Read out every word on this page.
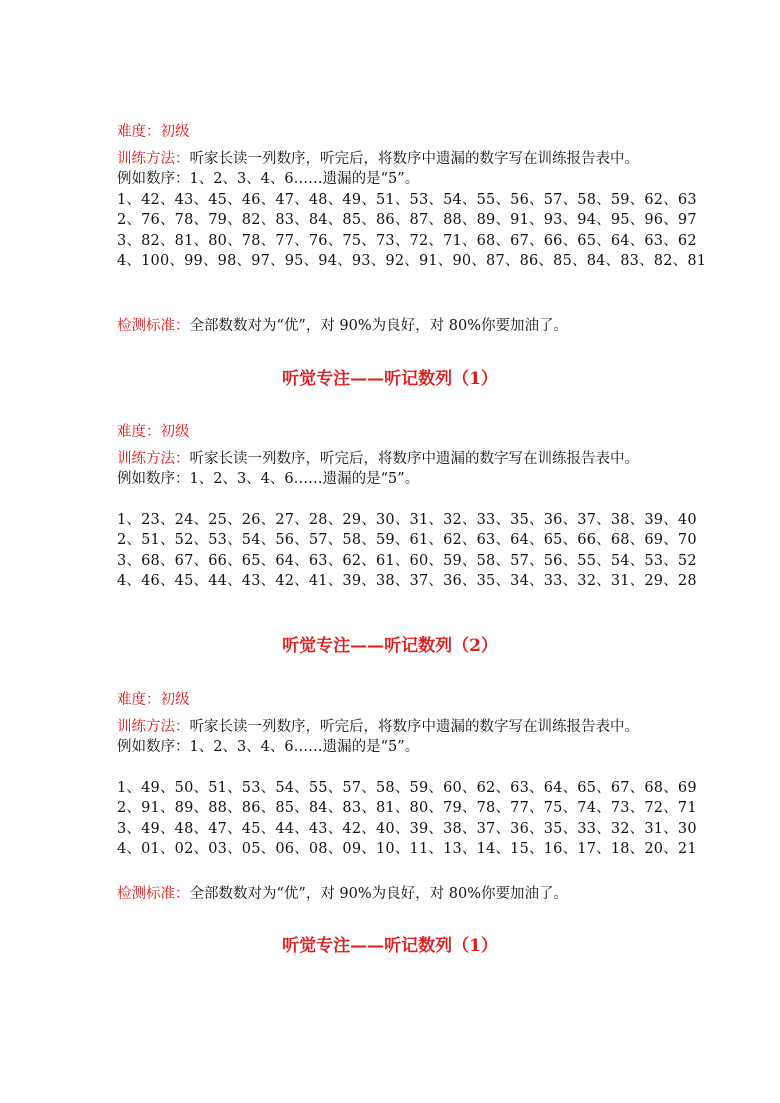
难度：初级
训练方法：听家长读一列数序，听完后，将数序中遗漏的数字写在训练报告表中。
例如数序：1、2、3、4、6……遗漏的是“5”。
1、42、43、45、46、47、48、49、51、53、54、55、56、57、58、59、62、63
2、76、78、79、82、83、84、85、86、87、88、89、91、93、94、95、96、97
3、82、81、80、78、77、76、75、73、72、71、68、67、66、65、64、63、62
4、100、99、98、97、95、94、93、92、91、90、87、86、85、84、83、82、81
检测标准：全部数数对为“优”，对 90%为良好，对 80%你要加油了。
听觉专注——听记数列（1）
难度：初级
训练方法：听家长读一列数序，听完后，将数序中遗漏的数字写在训练报告表中。
例如数序：1、2、3、4、6……遗漏的是“5”。
1、23、24、25、26、27、28、29、30、31、32、33、35、36、37、38、39、40
2、51、52、53、54、56、57、58、59、61、62、63、64、65、66、68、69、70
3、68、67、66、65、64、63、62、61、60、59、58、57、56、55、54、53、52
4、46、45、44、43、42、41、39、38、37、36、35、34、33、32、31、29、28
听觉专注——听记数列（2）
难度：初级
训练方法：听家长读一列数序，听完后，将数序中遗漏的数字写在训练报告表中。
例如数序：1、2、3、4、6……遗漏的是“5”。
1、49、50、51、53、54、55、57、58、59、60、62、63、64、65、67、68、69
2、91、89、88、86、85、84、83、81、80、79、78、77、75、74、73、72、71
3、49、48、47、45、44、43、42、40、39、38、37、36、35、33、32、31、30
4、01、02、03、05、06、08、09、10、11、13、14、15、16、17、18、20、21
检测标准：全部数数对为“优”，对 90%为良好，对 80%你要加油了。
听觉专注——听记数列（1）
